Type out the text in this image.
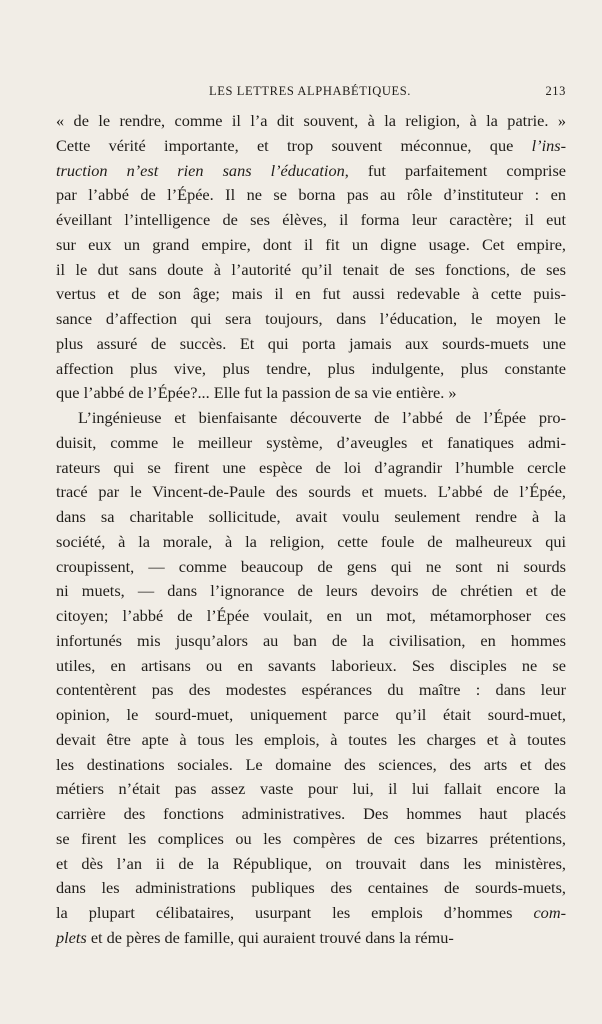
LES LETTRES ALPHABÉTIQUES.	213
« de le rendre, comme il l’a dit souvent, à la religion, à la patrie. »
Cette vérité importante, et trop souvent méconnue, que l’ins-
truction n’est rien sans l’éducation, fut parfaitement comprise
par l’abbé de l’Épée. Il ne se borna pas au rôle d’instituteur : en
éveillant l’intelligence de ses élèves, il forma leur caractère; il eut
sur eux un grand empire, dont il fit un digne usage. Cet empire,
il le dut sans doute à l’autorité qu’il tenait de ses fonctions, de ses
vertus et de son âge; mais il en fut aussi redevable à cette puis-
sance d’affection qui sera toujours, dans l’éducation, le moyen le
plus assuré de succès. Et qui porta jamais aux sourds-muets une
affection plus vive, plus tendre, plus indulgente, plus constante
que l’abbé de l’Épée?... Elle fut la passion de sa vie entière. »
L’ingénieuse et bienfaisante découverte de l’abbé de l’Épée pro-
duisit, comme le meilleur système, d’aveugles et fanatiques admi-
rateurs qui se firent une espèce de loi d’agrandir l’humble cercle
tracé par le Vincent-de-Paule des sourds et muets. L’abbé de l’Épée,
dans sa charitable sollicitude, avait voulu seulement rendre à la
société, à la morale, à la religion, cette foule de malheureux qui
croupissent, — comme beaucoup de gens qui ne sont ni sourds
ni muets, — dans l’ignorance de leurs devoirs de chrétien et de
citoyen; l’abbé de l’Épée voulait, en un mot, métamorphoser ces
infortunés mis jusqu’alors au ban de la civilisation, en hommes
utiles, en artisans ou en savants laborieux. Ses disciples ne se
contentèrent pas des modestes espérances du maître : dans leur
opinion, le sourd-muet, uniquement parce qu’il était sourd-muet,
devait être apte à tous les emplois, à toutes les charges et à toutes
les destinations sociales. Le domaine des sciences, des arts et des
métiers n’était pas assez vaste pour lui, il lui fallait encore la
carrière des fonctions administratives. Des hommes haut placés
se firent les complices ou les compères de ces bizarres prétentions,
et dès l’an ii de la République, on trouvait dans les ministères,
dans les administrations publiques des centaines de sourds-muets,
la plupart célibataires, usurpant les emplois d’hommes com-
plets et de pères de famille, qui auraient trouvé dans la rému-
